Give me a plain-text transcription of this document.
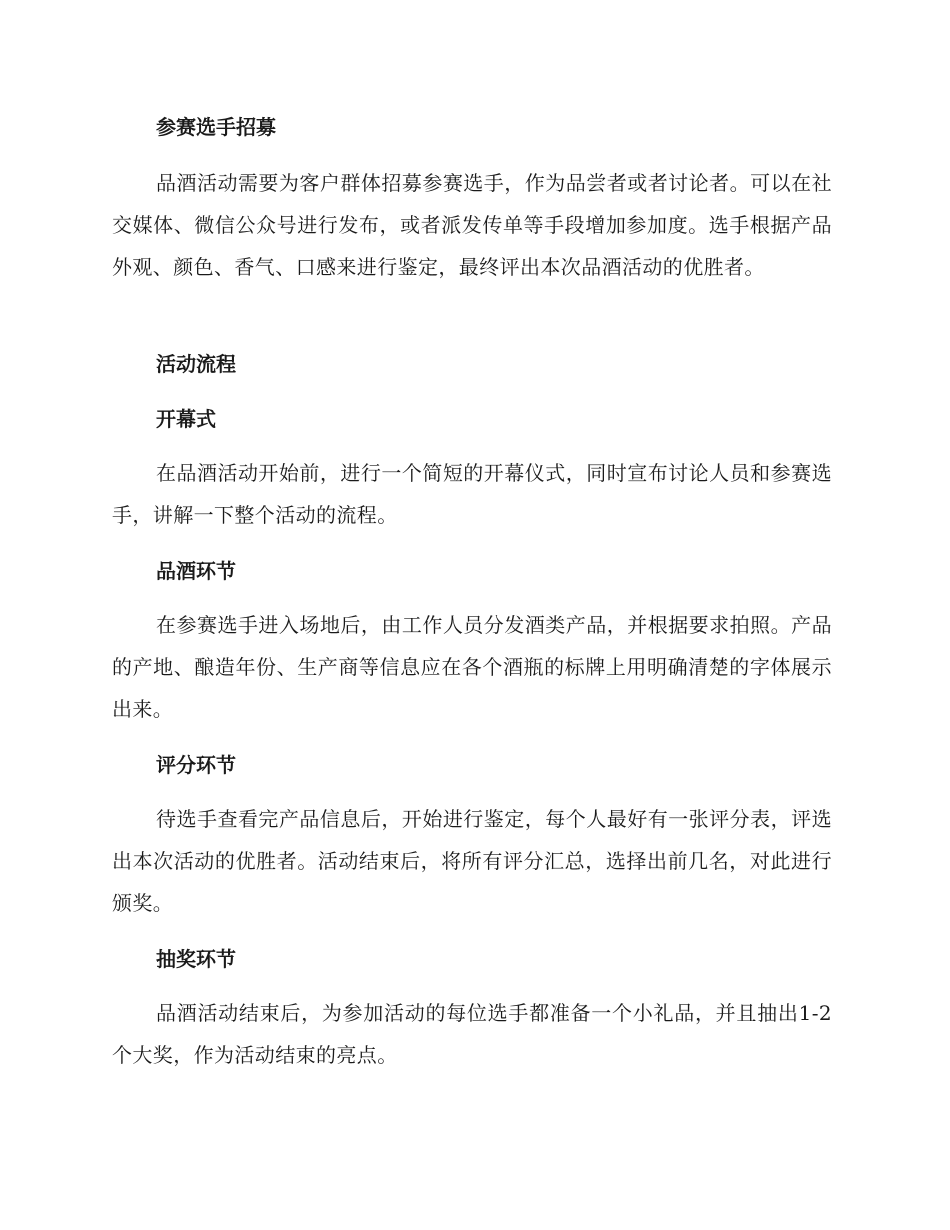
参赛选手招募

品酒活动需要为客户群体招募参赛选手，作为品尝者或者讨论者。可以在社交媒体、微信公众号进行发布，或者派发传单等手段增加参加度。选手根据产品外观、颜色、香气、口感来进行鉴定，最终评出本次品酒活动的优胜者。

活动流程
开幕式

在品酒活动开始前，进行一个简短的开幕仪式，同时宣布讨论人员和参赛选手，讲解一下整个活动的流程。

品酒环节

在参赛选手进入场地后，由工作人员分发酒类产品，并根据要求拍照。产品的产地、酿造年份、生产商等信息应在各个酒瓶的标牌上用明确清楚的字体展示出来。

评分环节

待选手查看完产品信息后，开始进行鉴定，每个人最好有一张评分表，评选出本次活动的优胜者。活动结束后，将所有评分汇总，选择出前几名，对此进行颁奖。

抽奖环节

品酒活动结束后，为参加活动的每位选手都准备一个小礼品，并且抽出1-2个大奖，作为活动结束的亮点。
